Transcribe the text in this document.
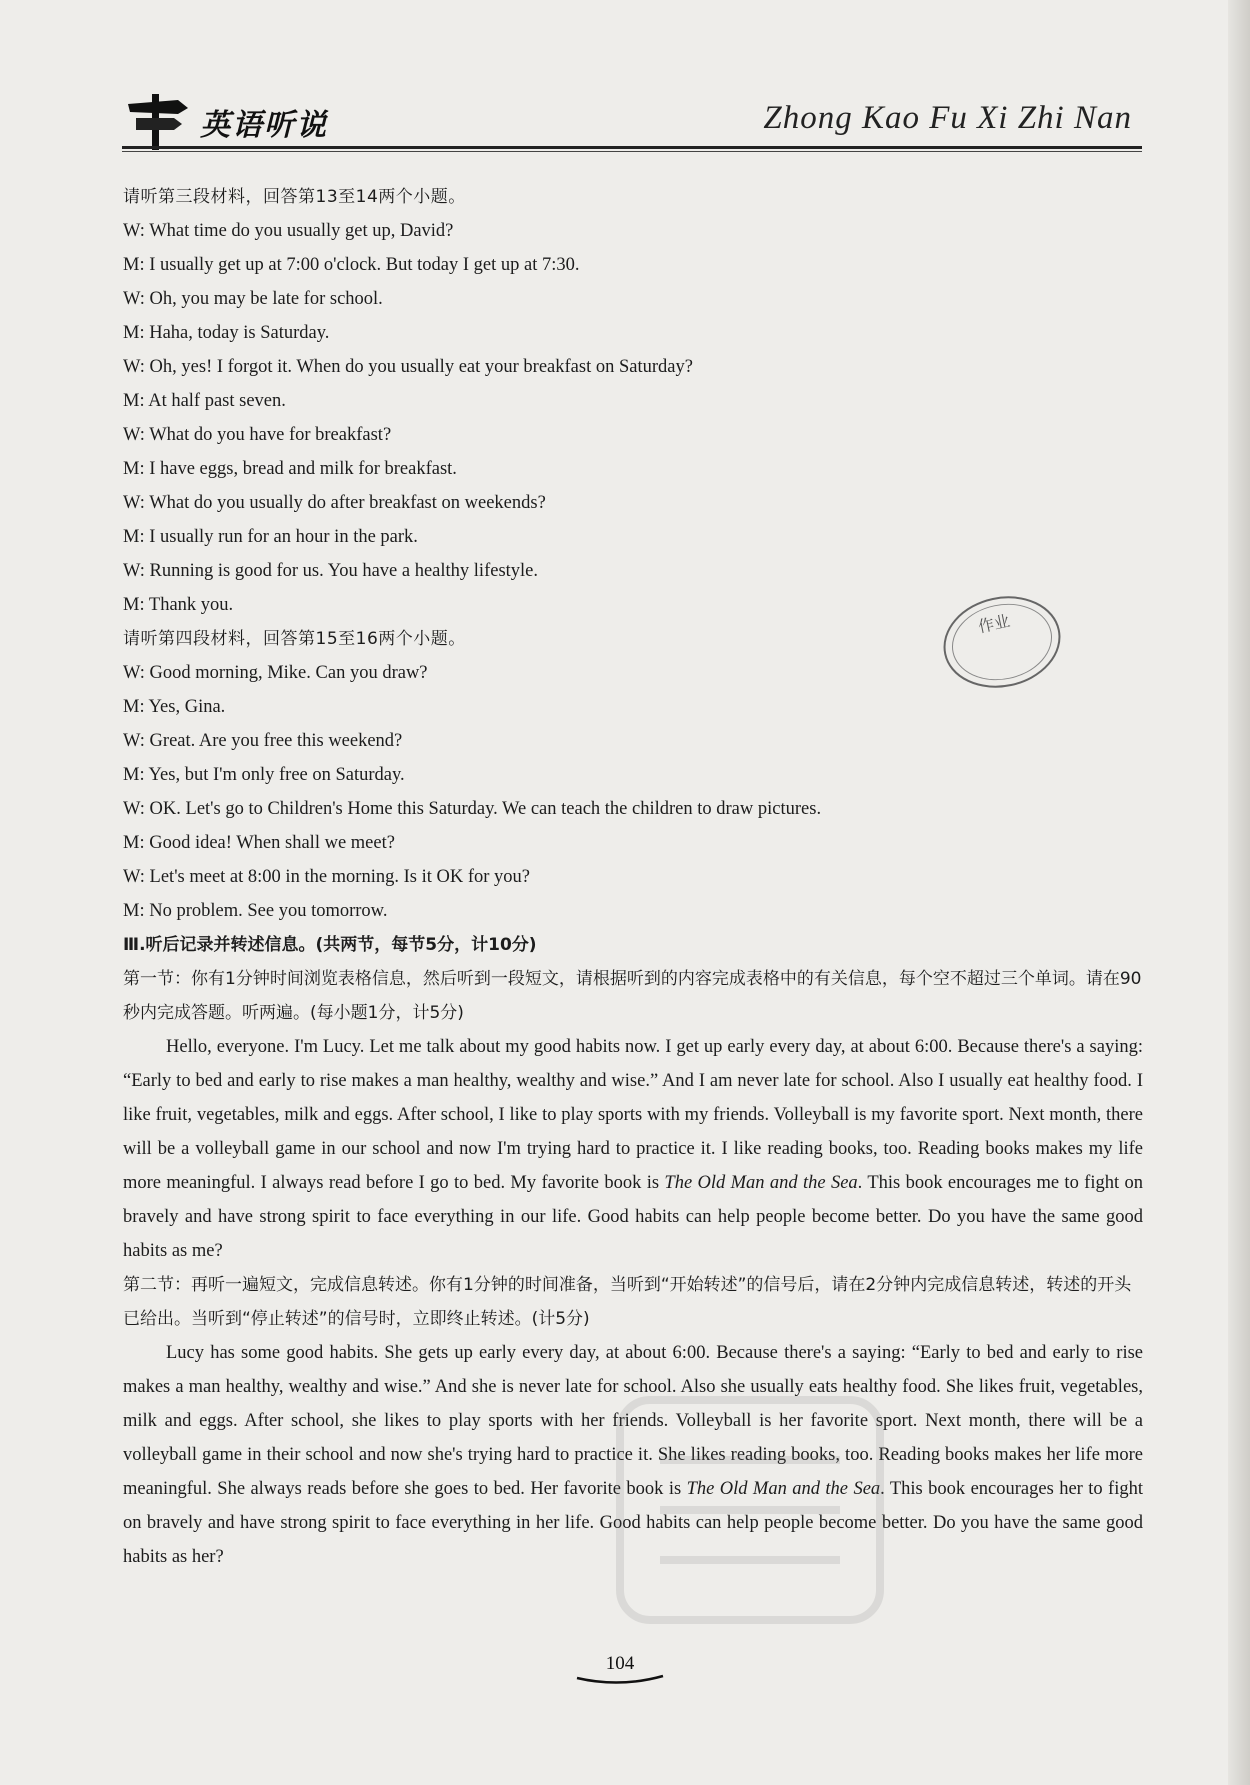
英语听说	Zhong Kao Fu Xi Zhi Nan
作业

请听第三段材料，回答第13至14两个小题。

W: What time do you usually get up, David?

M: I usually get up at 7:00 o'clock. But today I get up at 7:30.

W: Oh, you may be late for school.

M: Haha, today is Saturday.

W: Oh, yes! I forgot it. When do you usually eat your breakfast on Saturday?

M: At half past seven.

W: What do you have for breakfast?

M: I have eggs, bread and milk for breakfast.

W: What do you usually do after breakfast on weekends?

M: I usually run for an hour in the park.

W: Running is good for us. You have a healthy lifestyle.

M: Thank you.

请听第四段材料，回答第15至16两个小题。

W: Good morning, Mike. Can you draw?

M: Yes, Gina.

W: Great. Are you free this weekend?

M: Yes, but I'm only free on Saturday.

W: OK. Let's go to Children's Home this Saturday. We can teach the children to draw pictures.

M: Good idea! When shall we meet?

W: Let's meet at 8:00 in the morning. Is it OK for you?

M: No problem. See you tomorrow.

Ⅲ.听后记录并转述信息。(共两节，每节5分，计10分)

第一节：你有1分钟时间浏览表格信息，然后听到一段短文，请根据听到的内容完成表格中的有关信息，每个空不超过三个单词。请在90秒内完成答题。听两遍。(每小题1分，计5分)

Hello, everyone. I'm Lucy. Let me talk about my good habits now. I get up early every day, at about 6:00. Because there's a saying: “Early to bed and early to rise makes a man healthy, wealthy and wise.” And I am never late for school. Also I usually eat healthy food. I like fruit, vegetables, milk and eggs. After school, I like to play sports with my friends. Volleyball is my favorite sport. Next month, there will be a volleyball game in our school and now I'm trying hard to practice it. I like reading books, too. Reading books makes my life more meaningful. I always read before I go to bed. My favorite book is The Old Man and the Sea. This book encourages me to fight on bravely and have strong spirit to face everything in our life. Good habits can help people become better. Do you have the same good habits as me?

第二节：再听一遍短文，完成信息转述。你有1分钟的时间准备，当听到“开始转述”的信号后，请在2分钟内完成信息转述，转述的开头已给出。当听到“停止转述”的信号时，立即终止转述。(计5分)

Lucy has some good habits. She gets up early every day, at about 6:00. Because there's a saying: “Early to bed and early to rise makes a man healthy, wealthy and wise.” And she is never late for school. Also she usually eats healthy food. She likes fruit, vegetables, milk and eggs. After school, she likes to play sports with her friends. Volleyball is her favorite sport. Next month, there will be a volleyball game in their school and now she's trying hard to practice it. She likes reading books, too. Reading books makes her life more meaningful. She always reads before she goes to bed. Her favorite book is The Old Man and the Sea. This book encourages her to fight on bravely and have strong spirit to face everything in her life. Good habits can help people become better. Do you have the same good habits as her?

104
